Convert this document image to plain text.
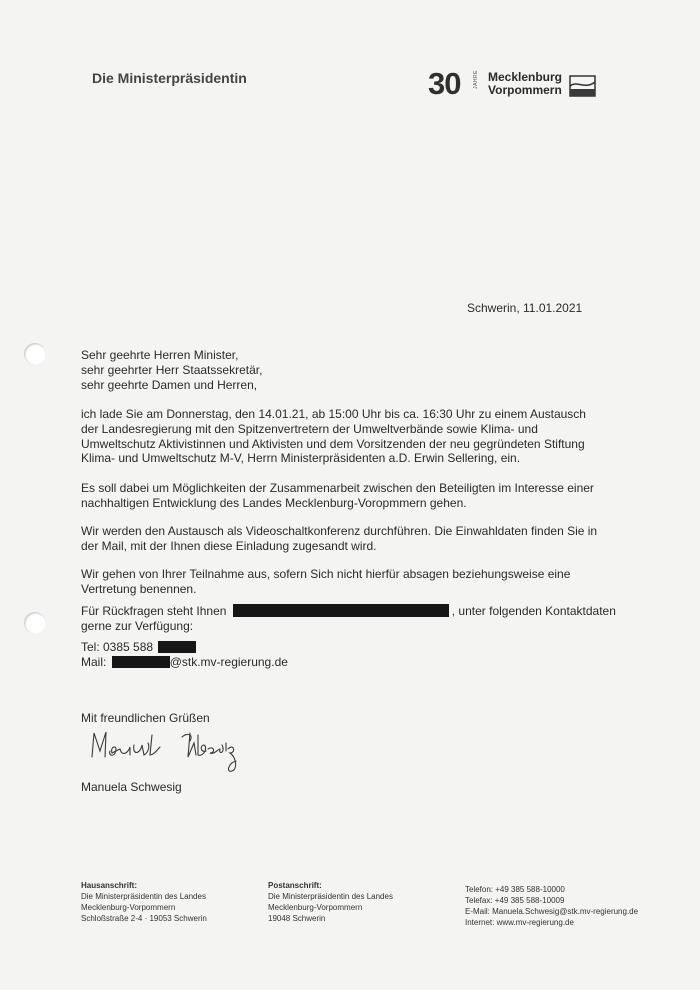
Die Ministerpräsidentin	30	JAHRE Mecklenburg
Vorpommern
Schwerin, 11.01.2021
Sehr geehrte Herren Minister,
sehr geehrter Herr Staatssekretär,
sehr geehrte Damen und Herren,
ich lade Sie am Donnerstag, den 14.01.21, ab 15:00 Uhr bis ca. 16:30 Uhr zu einem Austausch
der Landesregierung mit den Spitzenvertretern der Umweltverbände sowie Klima- und
Umweltschutz Aktivistinnen und Aktivisten und dem Vorsitzenden der neu gegründeten Stiftung
Klima- und Umweltschutz M-V, Herrn Ministerpräsidenten a.D. Erwin Sellering, ein.
Es soll dabei um Möglichkeiten der Zusammenarbeit zwischen den Beteiligten im Interesse einer
nachhaltigen Entwicklung des Landes Mecklenburg-Voropmmern gehen.
Wir werden den Austausch als Videoschaltkonferenz durchführen. Die Einwahldaten finden Sie in
der Mail, mit der Ihnen diese Einladung zugesandt wird.
Wir gehen von Ihrer Teilnahme aus, sofern Sich nicht hierfür absagen beziehungsweise eine
Vertretung benennen.
Für Rückfragen steht Ihnen	, unter folgenden Kontaktdaten
gerne zur Verfügung:
Tel: 0385 588
Mail:	@stk.mv-regierung.de
Mit freundlichen Grüßen
Manuela Schwesig
Hausanschrift:
Die Ministerpräsidentin des Landes
Mecklenburg-Vorpommern
Schloßstraße 2-4 · 19053 Schwerin
Postanschrift:
Die Ministerpräsidentin des Landes
Mecklenburg-Vorpommern
19048 Schwerin
Telefon: +49 385 588-10000
Telefax: +49 385 588-10009
E-Mail: Manuela.Schwesig@stk.mv-regierung.de
Internet: www.mv-regierung.de
